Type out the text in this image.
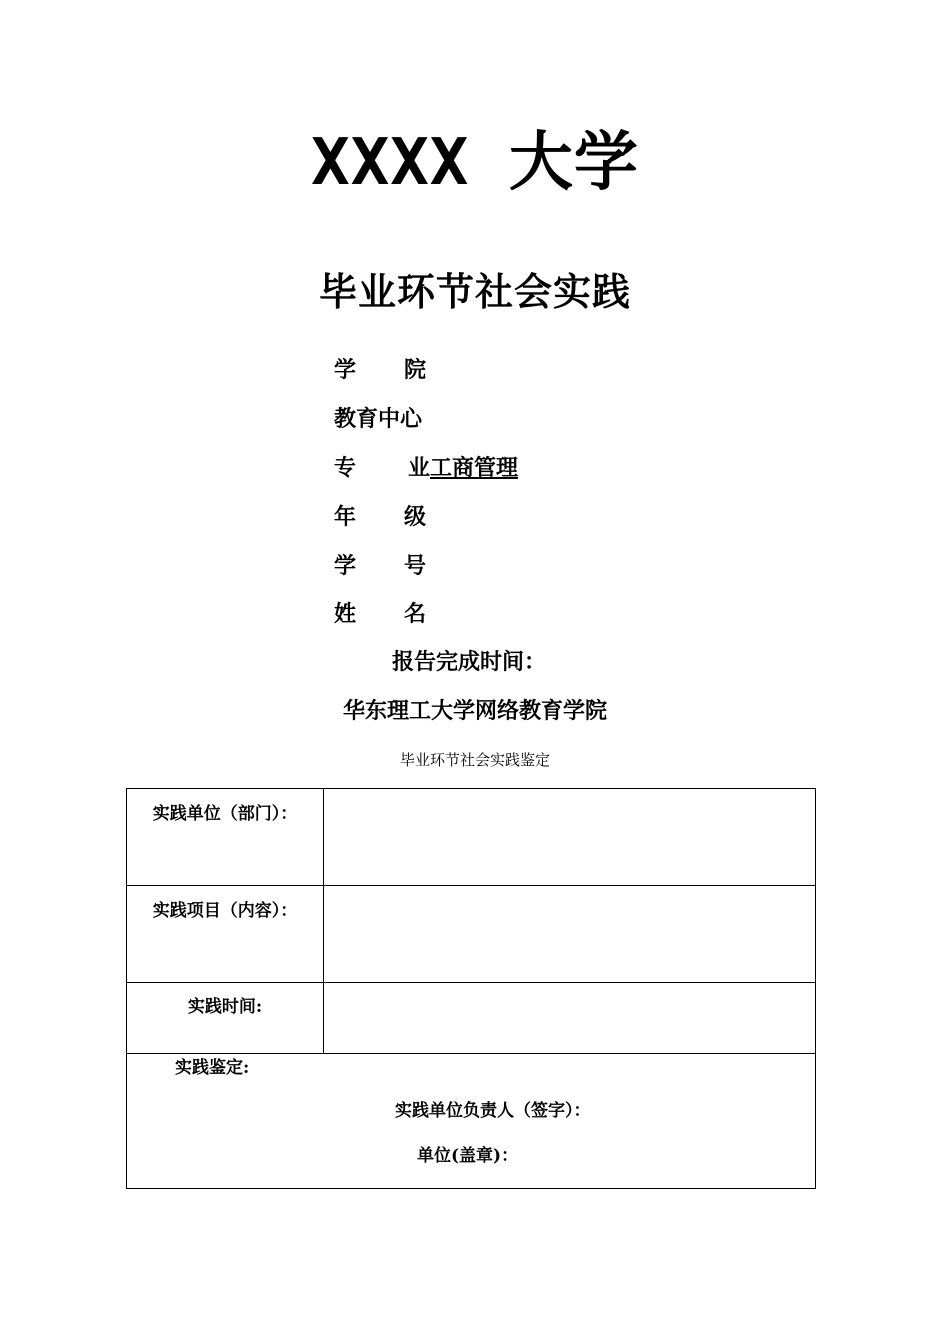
XXXX 大学
毕业环节社会实践
学院
教育中心
专 业工商管理
年级
学号
姓名
报告完成时间：
华东理工大学网络教育学院
毕业环节社会实践鉴定
实践单位（部门）：	
实践项目（内容）：	
实践时间:	

实践鉴定:
实践单位负责人（签字）：
单位(盖章)：	
